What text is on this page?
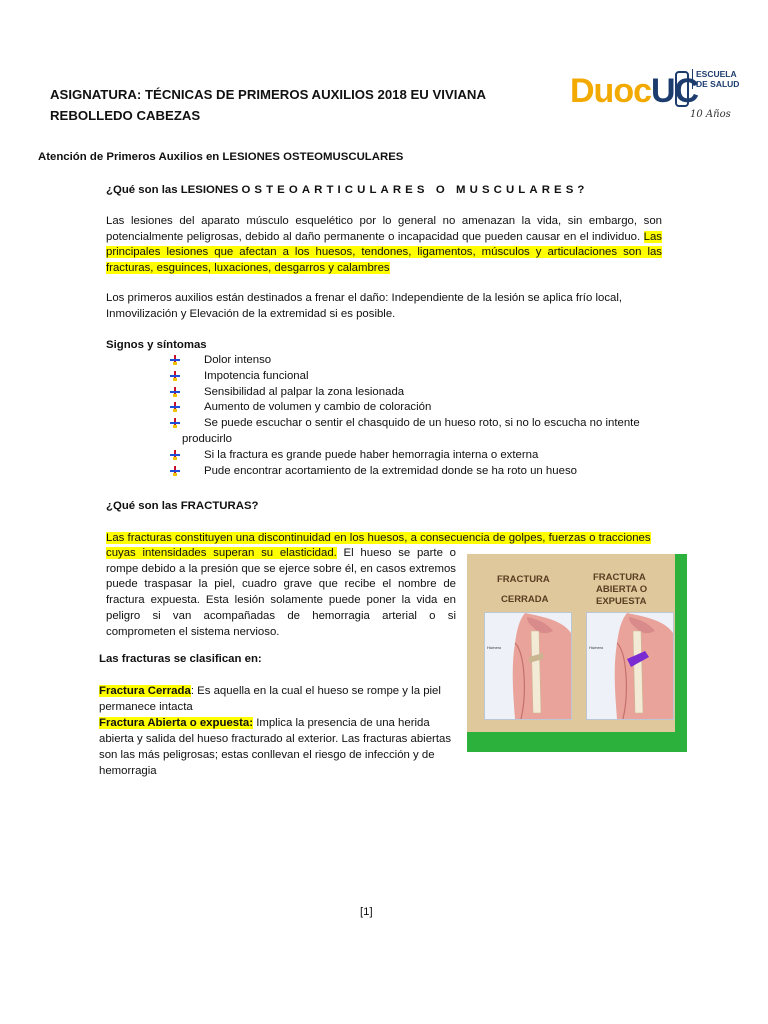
ASIGNATURA: TÉCNICAS DE PRIMEROS AUXILIOS 2018 EU VIVIANA
REBOLLEDO CABEZAS
DuocUC
ESCUELA
DE SALUD
10 Años
Atención de Primeros Auxilios en LESIONES OSTEOMUSCULARES
¿Qué son las LESIONES OSTEOARTICULARES O MUSCULARES?
Las lesiones del aparato músculo esquelético por lo general no amenazan la vida, sin embargo, son potencialmente peligrosas, debido al daño permanente o incapacidad que pueden causar en el individuo. Las principales lesiones que afectan a los huesos, tendones, ligamentos, músculos y articulaciones son las fracturas, esguinces, luxaciones, desgarros y calambres
Los primeros auxilios están destinados a frenar el daño: Independiente de la lesión se aplica frío local, Inmovilización y Elevación de la extremidad si es posible.
Signos y síntomas
Dolor intenso
Impotencia funcional
Sensibilidad al palpar la zona lesionada
Aumento de volumen y cambio de coloración
Se puede escuchar o sentir el chasquido de un hueso roto, si no lo escucha no intente
producirlo
Si la fractura es grande puede haber hemorragia interna o externa
Pude encontrar acortamiento de la extremidad donde se ha roto un hueso
¿Qué son las FRACTURAS?
Las fracturas constituyen una discontinuidad en los huesos, a consecuencia de golpes, fuerzas o tracciones
cuyas intensidades superan su elasticidad. El hueso se parte o rompe debido a la presión que se ejerce sobre él, en casos extremos puede traspasar la piel, cuadro grave que recibe el nombre de fractura expuesta. Esta lesión solamente puede poner la vida en peligro si van acompañadas de hemorragia arterial o si comprometen el sistema nervioso.
FRACTURA
CERRADA
FRACTURA
ABIERTA O
EXPUESTA
Húmero	Húmero
Las fracturas se clasifican en:
Fractura Cerrada: Es aquella en la cual el hueso se rompe y la piel permanece intacta
Fractura Abierta o expuesta: Implica la presencia de una herida abierta y salida del hueso fracturado al exterior. Las fracturas abiertas son las más peligrosas; estas conllevan el riesgo de infección y de hemorragia
[1]
